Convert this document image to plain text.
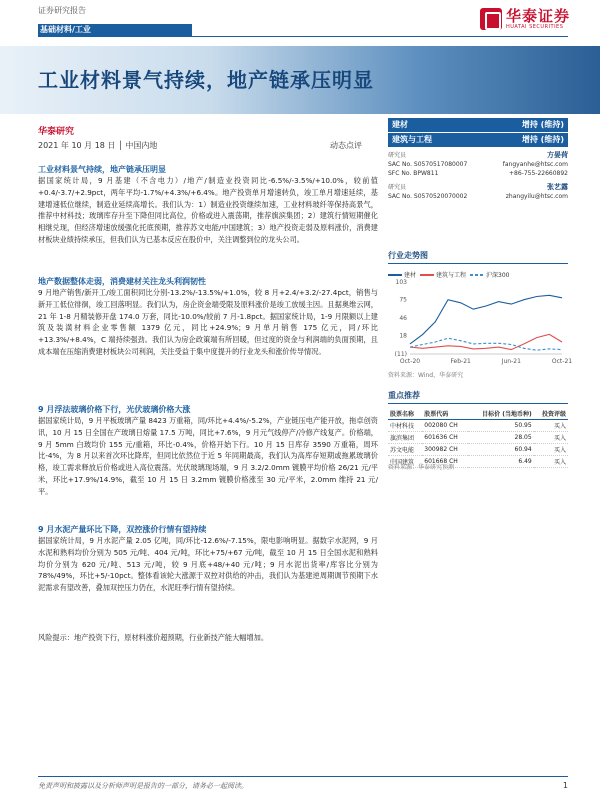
证券研究报告	华泰证券
HUATAI SECURITIES
基础材料/工业
工业材料景气持续，地产链承压明显
华泰研究
2021 年 10 月 18 日 │ 中国内地	动态点评
建材	增持 (维持)
建筑与工程	增持 (维持)
研究员	方晏荷
SAC No. S0570517080007	fangyanhe@htsc.com
SFC No. BPW811	+86-755-22660892
研究员	张艺露
SAC No. S0570520070002	zhangyilu@htsc.com
行业走势图
建材	建筑与工程	沪深300
(11)
18
46
75
103
Oct-20	Feb-21	Jun-21	Oct-21
资料来源：Wind，华泰研究
重点推荐
股票名称	股票代码	目标价 (当地币种)	投资评级
中材科技	002080 CH	50.95	买入
旗滨集团	601636 CH	28.05	买入
苏文电能	300982 CH	60.94	买入
中国建筑	601668 CH	6.49	买入
资料来源：华泰研究预测
工业材料景气持续，地产链承压明显
据国家统计局，9 月基建（不含电力）/地产/制造业投资同比-6.5%/-3.5%/+10.0%，较前值+0.4/-3.7/+2.9pct，两年平均-1.7%/+4.3%/+6.4%。地产投资单月增速转负，竣工单月增速延续，基建增速低位继续，制造业延续高增长。我们认为：1）制造业投资继续加速，工业材料玻纤等保持高景气，推荐中材科技；玻璃库存升至下降但同比高位，价格或进入震荡期，推荐旗滨集团；2）建筑行情短期催化相继兑现，但经济增速放缓强化托底预期，推荐苏文电能/中国建筑；3）地产投资走弱及原料涨价，消费建材板块业绩持续承压，但我们认为已基本反应在股价中，关注调整到位的龙头公司。
地产数据整体走弱，消费建材关注龙头利润韧性
9 月地产销售/新开工/竣工面积同比分别-13.2%/-13.5%/+1.0%，较 8 月+2.4/+3.2/-27.4pct，销售与新开工低位徘徊，竣工回落明显。我们认为，房企资金端受限及原料涨价是竣工放缓主因。且据奥维云网，21 年 1-8 月精装修开盘 174.0 万套，同比-10.0%/较前 7 月-1.8pct。据国家统计局，1-9 月限额以上建筑及装潢材料企业零售额 1379 亿元，同比+24.9%；9 月单月销售 175 亿元，同/环比+13.3%/+8.4%，C 端持续强劲。我们认为房企政策端有所回暖，但过度的资金与利润端的负面预期，且成本端在压缩消费建材板块公司利润，关注受益于集中度提升的行业龙头和涨价传导情况。
9 月浮法玻璃价格下行，光伏玻璃价格大涨
据国家统计局，9 月平板玻璃产量 8423 万重箱，同/环比+4.4%/-5.2%，产业链压电产能开放，拖卓创资讯，10 月 15 日全国在产玻璃日熔量 17.5 万吨，同比+7.6%，9 月元气线停产/冷修产线复产。价格端，9 月 5mm 白玻均价 155 元/重箱，环比-0.4%，价格开始下行。10 月 15 日库存 3590 万重箱，周环比-4%，为 8 月以来首次环比降库，但同比依然位于近 5 年同期最高，我们认为高库存短期或拖累玻璃价格，竣工需求释放后价格或进入高位震荡。光伏玻璃现场端，9 月 3.2/2.0mm 镀膜平均价格 26/21 元/平米，环比+17.9%/14.9%，截至 10 月 15 日 3.2mm 镀膜价格涨至 30 元/平米，2.0mm 维持 21 元/平。
9 月水泥产量环比下降，双控涨价行情有望持续
据国家统计局，9 月水泥产量 2.05 亿吨，同/环比-12.6%/-7.15%，限电影响明显。据数字水泥网，9 月水泥和熟料均价分别为 505 元/吨、404 元/吨，环比+75/+67 元/吨，截至 10 月 15 日全国水泥和熟料均价分别为 620 元/吨、513 元/吨，较 9 月底+48/+40 元/吨；9 月水泥出货率/库容比分别为 78%/49%，环比+5/-10pct。整体看该轮大涨源于双控对供给的冲击，我们认为基建逆周期调节预期下水泥需求有望改善，叠加双控压力仍在，水泥旺季行情有望持续。
风险提示：地产投资下行，原材料涨价超预期，行业新技产能大幅增加。
免责声明和披露以及分析师声明是报告的一部分，请务必一起阅读。	1
